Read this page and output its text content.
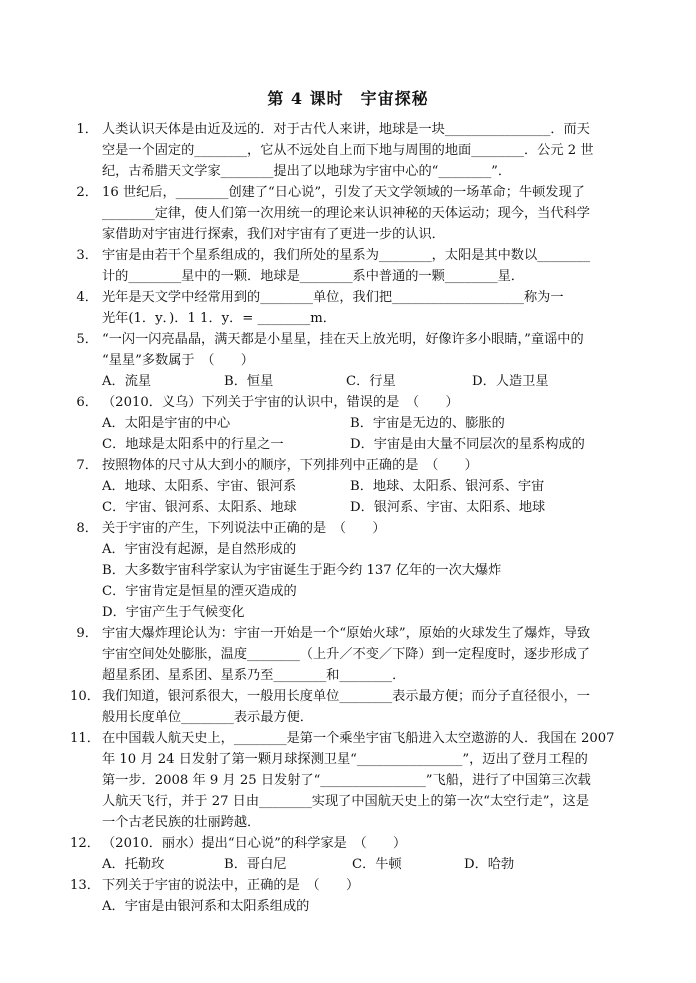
第 4 课时　宇宙探秘
1． 人类认识天体是由近及远的．对于古代人来讲，地球是一块________________．而天
空是一个固定的________，它从不远处自上而下地与周围的地面________．公元 2 世
纪，古希腊天文学家________提出了以地球为宇宙中心的“________”．
2． 16 世纪后，________创建了“日心说”，引发了天文学领域的一场革命；牛顿发现了
________定律，使人们第一次用统一的理论来认识神秘的天体运动；现今，当代科学
家借助对宇宙进行探索，我们对宇宙有了更进一步的认识．
3． 宇宙是由若干个星系组成的，我们所处的星系为________，太阳是其中数以________
计的________星中的一颗．地球是________系中普通的一颗________星．
4． 光年是天文学中经常用到的________单位，我们把____________________称为一
光年(1．y．)．1 1．y．= ________m．
5． “一闪一闪亮晶晶，满天都是小星星，挂在天上放光明，好像许多小眼睛，”童谣中的
“星星”多数属于　（　　）
A．流星	B．恒星	C．行星	D．人造卫星
6． （2010．义乌）下列关于宇宙的认识中，错误的是　（　　）
A．太阳是宇宙的中心	B．宇宙是无边的、膨胀的
C．地球是太阳系中的行星之一	D．宇宙是由大量不同层次的星系构成的
7． 按照物体的尺寸从大到小的顺序，下列排列中正确的是　（　　）
A．地球、太阳系、宇宙、银河系	B．地球、太阳系、银河系、宇宙
C．宇宙、银河系、太阳系、地球	D．银河系、宇宙、太阳系、地球
8． 关于宇宙的产生，下列说法中正确的是　（　　）
A．宇宙没有起源，是自然形成的
B．大多数宇宙科学家认为宇宙诞生于距今约 137 亿年的一次大爆炸
C．宇宙肯定是恒星的湮灭造成的
D．宇宙产生于气候变化
9． 宇宙大爆炸理论认为：宇宙一开始是一个“原始火球”，原始的火球发生了爆炸，导致
宇宙空间处处膨胀，温度________（上升／不变／下降）到一定程度时，逐步形成了
超星系团、星系团、星系乃至________和________．
10． 我们知道，银河系很大，一般用长度单位________表示最方便；而分子直径很小，一
般用长度单位________表示最方便．
11． 在中国载人航天史上，________是第一个乘坐宇宙飞船进入太空遨游的人．我国在 2007
年 10 月 24 日发射了第一颗月球探测卫星“________________”，迈出了登月工程的
第一步．2008 年 9 月 25 日发射了“________________”飞船，进行了中国第三次载
人航天飞行，并于 27 日由________实现了中国航天史上的第一次“太空行走”，这是
一个古老民族的壮丽跨越．
12． （2010．丽水）提出“日心说”的科学家是　（　　）
A．托勒玫	B．哥白尼	C．牛顿	D．哈勃
13． 下列关于宇宙的说法中，正确的是　（　　）
A．宇宙是由银河系和太阳系组成的
